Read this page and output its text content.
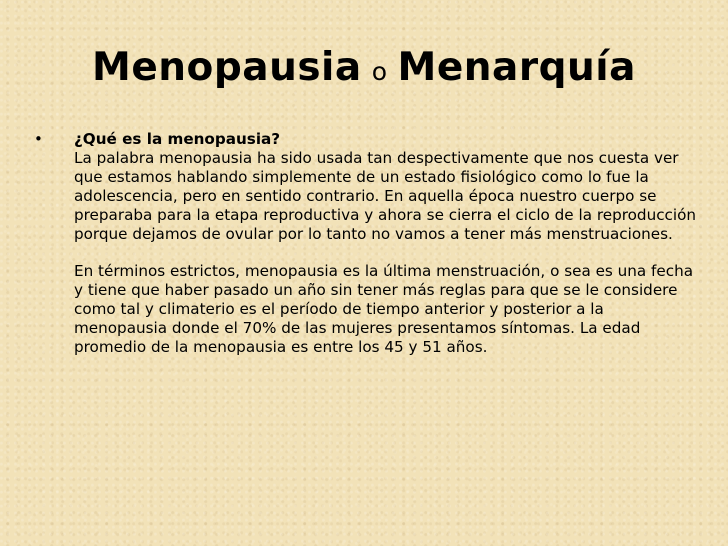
Menopausia o Menarquía
•	¿Qué es la menopausia?
La palabra menopausia ha sido usada tan despectivamente que nos cuesta ver que estamos hablando simplemente de un estado fisiológico como lo fue la adolescencia, pero en sentido contrario. En aquella época nuestro cuerpo se preparaba para la etapa reproductiva y ahora se cierra el ciclo de la reproducción porque dejamos de ovular por lo tanto no vamos a tener más menstruaciones.

En términos estrictos, menopausia es la última menstruación, o sea es una fecha y tiene que haber pasado un año sin tener más reglas para que se le considere como tal y climaterio es el período de tiempo anterior y posterior a la menopausia donde el 70% de las mujeres presentamos síntomas. La edad promedio de la menopausia es entre los 45 y 51 años.
